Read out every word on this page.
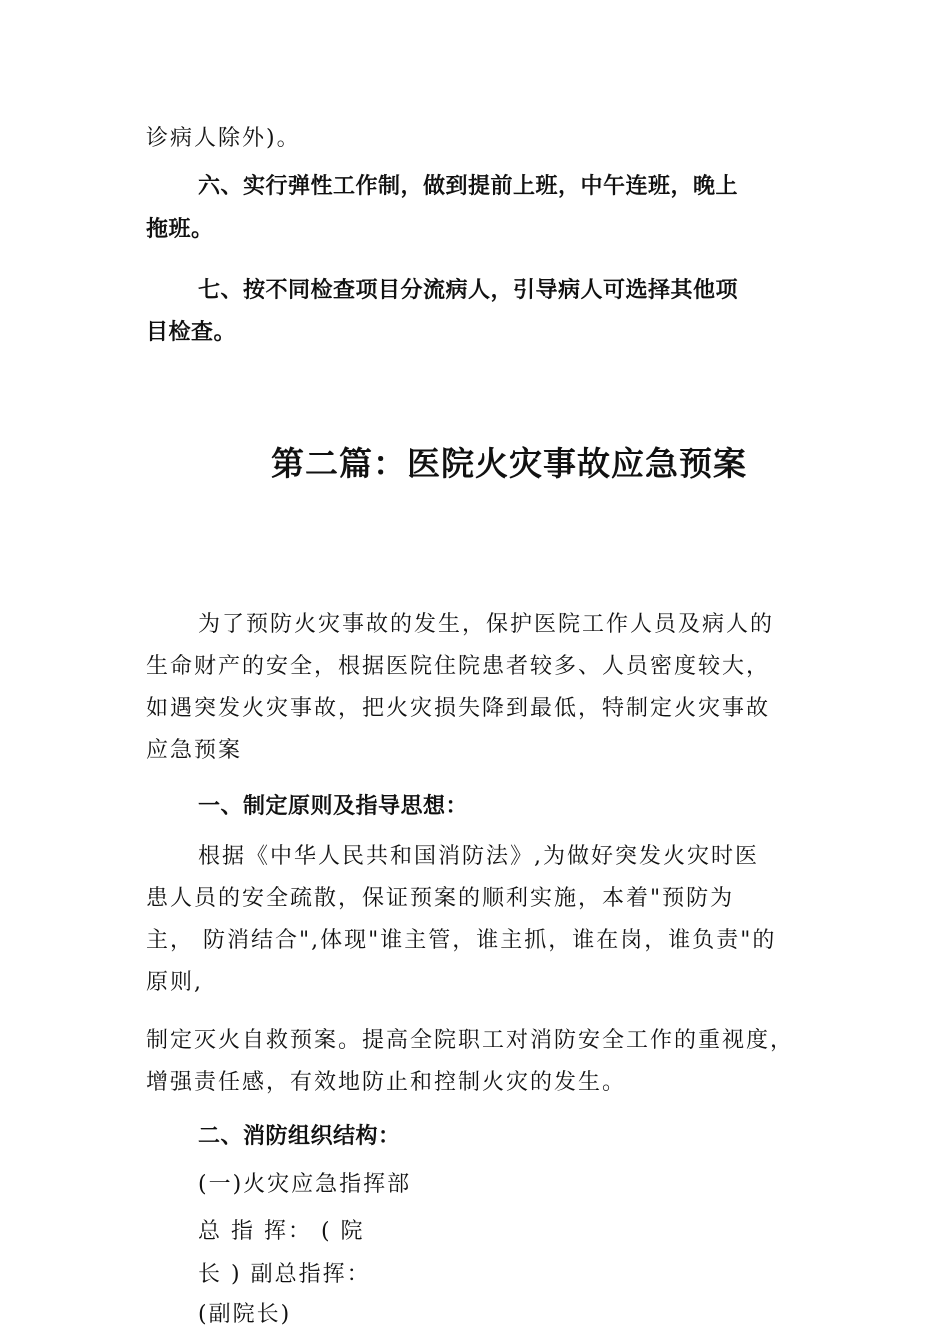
诊病人除外)。
六、实行弹性工作制，做到提前上班，中午连班，晚上
拖班。
七、按不同检查项目分流病人，引导病人可选择其他项
目检查。
第二篇：医院火灾事故应急预案
为了预防火灾事故的发生，保护医院工作人员及病人的
生命财产的安全，根据医院住院患者较多、人员密度较大，
如遇突发火灾事故，把火灾损失降到最低，特制定火灾事故
应急预案
一、制定原则及指导思想：
根据《中华人民共和国消防法》,为做好突发火灾时医
患人员的安全疏散，保证预案的顺利实施，本着"预防为
主， 防消结合",体现"谁主管，谁主抓，谁在岗，谁负责"的
原则,
制定灭火自救预案。提高全院职工对消防安全工作的重视度，
增强责任感，有效地防止和控制火灾的发生。
二、消防组织结构：
(一)火灾应急指挥部
总 指 挥： ( 院
长 ) 副总指挥：
(副院长)
